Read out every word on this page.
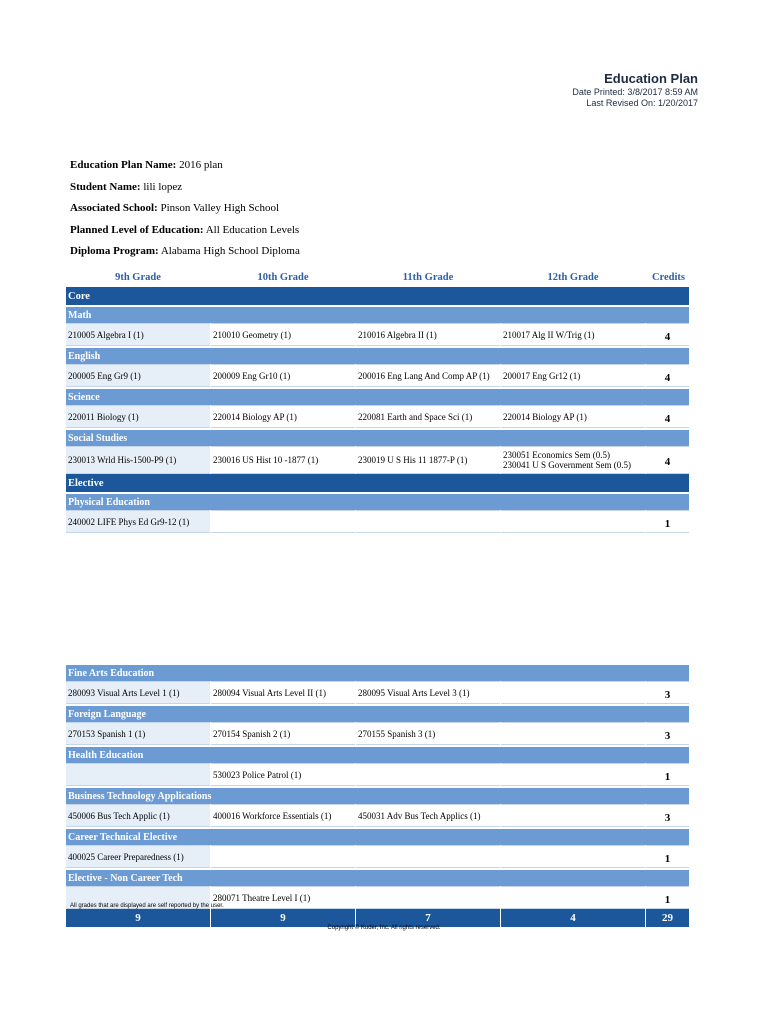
Education Plan
Date Printed: 3/8/2017 8:59 AM
Last Revised On: 1/20/2017
Education Plan Name: 2016 plan
Student Name: lili lopez
Associated School: Pinson Valley High School
Planned Level of Education: All Education Levels
Diploma Program: Alabama High School Diploma
9th Grade	10th Grade	11th Grade	12th Grade	Credits
Core				
Math				
210005 Algebra I (1)	210010 Geometry (1)	210016 Algebra II (1)	210017 Alg II W/Trig (1)	4
English				
200005 Eng Gr9 (1)	200009 Eng Gr10 (1)	200016 Eng Lang And Comp AP (1)	200017 Eng Gr12 (1)	4
Science				
220011 Biology (1)	220014 Biology AP (1)	220081 Earth and Space Sci (1)	220014 Biology AP (1)	4
Social Studies				
230013 Wrld His-1500-P9 (1)	230016 US Hist 10 -1877 (1)	230019 U S His 11 1877-P (1)	230051 Economics Sem (0.5)
230041 U S Government Sem (0.5)	4
Elective				
Physical Education				
240002 LIFE Phys Ed Gr9-12 (1)				1
Fine Arts Education				
280093 Visual Arts Level 1 (1)	280094 Visual Arts Level II (1)	280095 Visual Arts Level 3 (1)		3
Foreign Language				
270153 Spanish 1 (1)	270154 Spanish 2 (1)	270155 Spanish 3 (1)		3
Health Education				
	530023 Police Patrol (1)			1
Business Technology Applications				
450006 Bus Tech Applic (1)	400016 Workforce Essentials (1)	450031 Adv Bus Tech Applics (1)		3
Career Technical Elective				
400025 Career Preparedness (1)				1
Elective - Non Career Tech				
	280071 Theatre Level I (1)			1
9	9	7	4	29
All grades that are displayed are self reported by the user.
Copyright © Kuder, Inc. All rights reserved.
